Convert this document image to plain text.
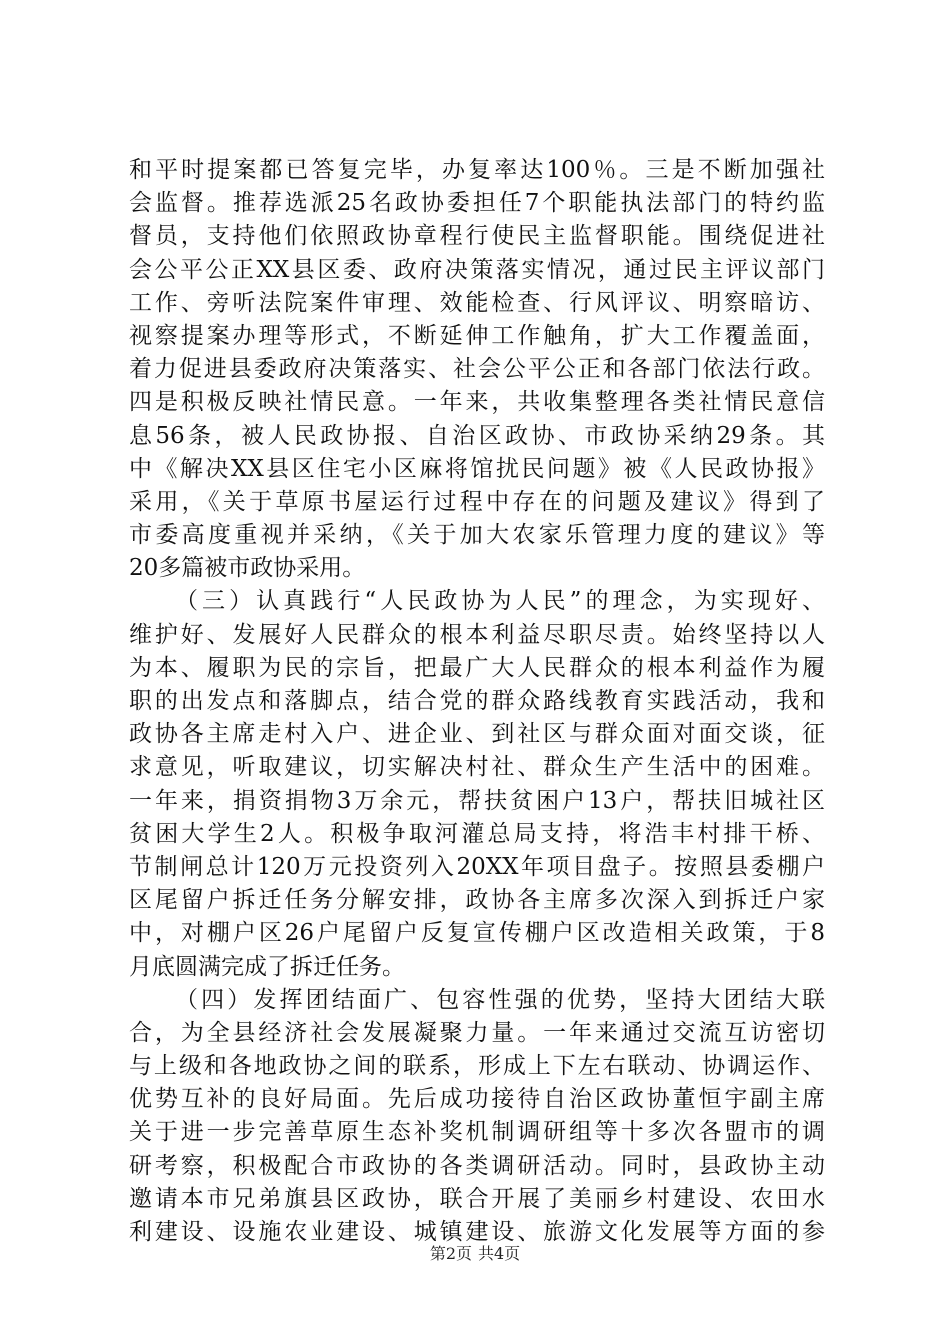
和平时提案都已答复完毕，办复率达100％。三是不断加强社
会监督。推荐选派25名政协委担任7个职能执法部门的特约监
督员，支持他们依照政协章程行使民主监督职能。围绕促进社
会公平公正XX县区委、政府决策落实情况，通过民主评议部门
工作、旁听法院案件审理、效能检查、行风评议、明察暗访、
视察提案办理等形式，不断延伸工作触角，扩大工作覆盖面，
着力促进县委政府决策落实、社会公平公正和各部门依法行政。
四是积极反映社情民意。一年来，共收集整理各类社情民意信
息56条，被人民政协报、自治区政协、市政协采纳29条。其
中《解决XX县区住宅小区麻将馆扰民问题》被《人民政协报》
采用，《关于草原书屋运行过程中存在的问题及建议》得到了
市委高度重视并采纳，《关于加大农家乐管理力度的建议》等
20多篇被市政协采用。
（三）认真践行“人民政协为人民”的理念，为实现好、
维护好、发展好人民群众的根本利益尽职尽责。始终坚持以人
为本、履职为民的宗旨，把最广大人民群众的根本利益作为履
职的出发点和落脚点，结合党的群众路线教育实践活动，我和
政协各主席走村入户、进企业、到社区与群众面对面交谈，征
求意见，听取建议，切实解决村社、群众生产生活中的困难。
一年来，捐资捐物3万余元，帮扶贫困户13户，帮扶旧城社区
贫困大学生2人。积极争取河灌总局支持，将浩丰村排干桥、
节制闸总计120万元投资列入20XX年项目盘子。按照县委棚户
区尾留户拆迁任务分解安排，政协各主席多次深入到拆迁户家
中，对棚户区26户尾留户反复宣传棚户区改造相关政策，于8
月底圆满完成了拆迁任务。
（四）发挥团结面广、包容性强的优势，坚持大团结大联
合，为全县经济社会发展凝聚力量。一年来通过交流互访密切
与上级和各地政协之间的联系，形成上下左右联动、协调运作、
优势互补的良好局面。先后成功接待自治区政协董恒宇副主席
关于进一步完善草原生态补奖机制调研组等十多次各盟市的调
研考察，积极配合市政协的各类调研活动。同时，县政协主动
邀请本市兄弟旗县区政协，联合开展了美丽乡村建设、农田水
利建设、设施农业建设、城镇建设、旅游文化发展等方面的参
第2页 共4页
